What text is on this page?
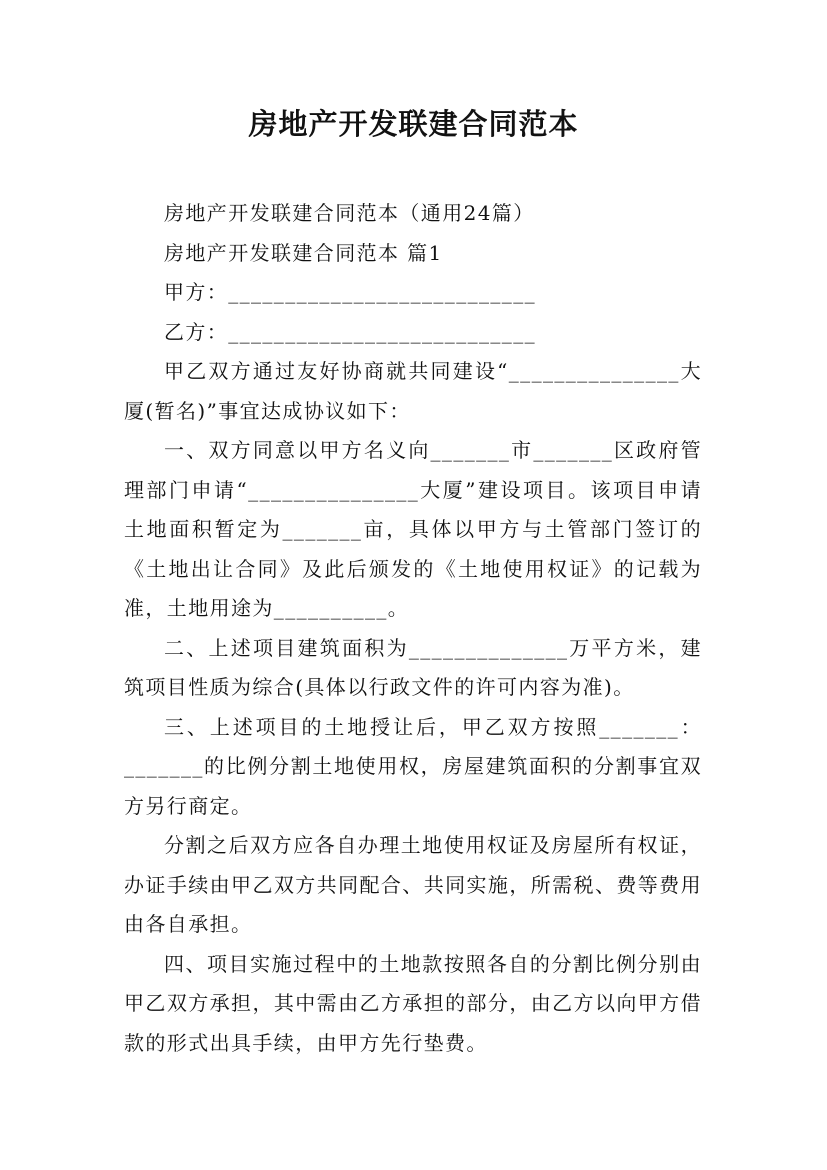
房地产开发联建合同范本

房地产开发联建合同范本（通用24篇）

房地产开发联建合同范本 篇1

甲方：___________________________

乙方：___________________________

甲乙双方通过友好协商就共同建设“_______________大厦(暂名)”事宜达成协议如下：

一、双方同意以甲方名义向_______市_______区政府管理部门申请“_______________大厦”建设项目。该项目申请土地面积暂定为_______亩，具体以甲方与土管部门签订的《土地出让合同》及此后颁发的《土地使用权证》的记载为准，土地用途为__________。

二、上述项目建筑面积为______________万平方米，建筑项目性质为综合(具体以行政文件的许可内容为准)。

三、上述项目的土地授让后，甲乙双方按照_______：_______的比例分割土地使用权，房屋建筑面积的分割事宜双方另行商定。

分割之后双方应各自办理土地使用权证及房屋所有权证，办证手续由甲乙双方共同配合、共同实施，所需税、费等费用由各自承担。

四、项目实施过程中的土地款按照各自的分割比例分别由甲乙双方承担，其中需由乙方承担的部分，由乙方以向甲方借款的形式出具手续，由甲方先行垫费。
